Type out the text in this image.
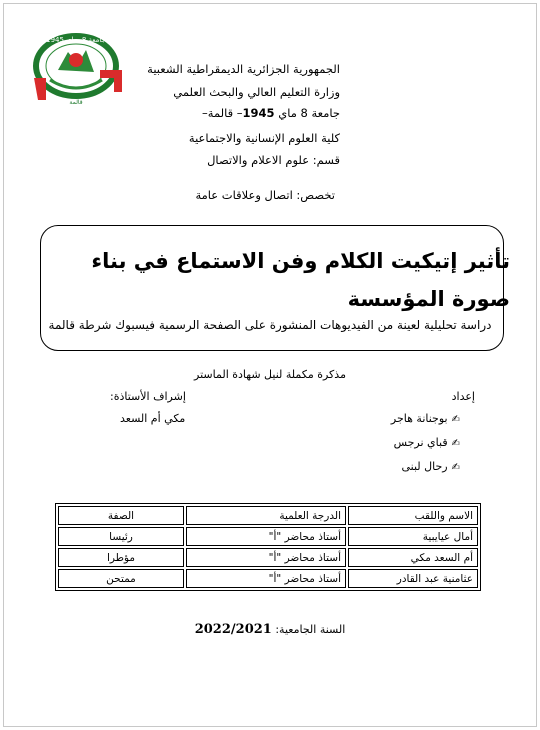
جامعة 8 مـاي 1945
قالمة
الجمهورية الجزائرية الديمقراطية الشعبية
وزارة التعليم العالي والبحث العلمي
جامعة 8 ماي 1945– قالمة–
كلية العلوم الإنسانية والاجتماعية
قسم: علوم الاعلام والاتصال
تخصص: اتصال وعلاقات عامة
تأثير إتيكيت الكلام وفن الاستماع في بناء صورة المؤسسة
دراسة تحليلية لعينة من الفيديوهات المنشورة على الصفحة الرسمية فيسبوك شرطة قالمة
مذكرة مكملة لنيل شهادة الماستر
إعداد
إشراف الأستاذة:
✍بوجنانة هاجر
✍قباي نرجس
✍رحال لبنى
مكي أم السعد
الاسم واللقب	الدرجة العلمية	الصفة
أمال عيايبية	أستاذ محاضر "أ"	رئيسا
أم السعد مكي	أستاذ محاضر "أ"	مؤطرا
عثامنية عبد القادر	أستاذ محاضر "أ"	ممتحن
السنة الجامعية: 2022/2021
